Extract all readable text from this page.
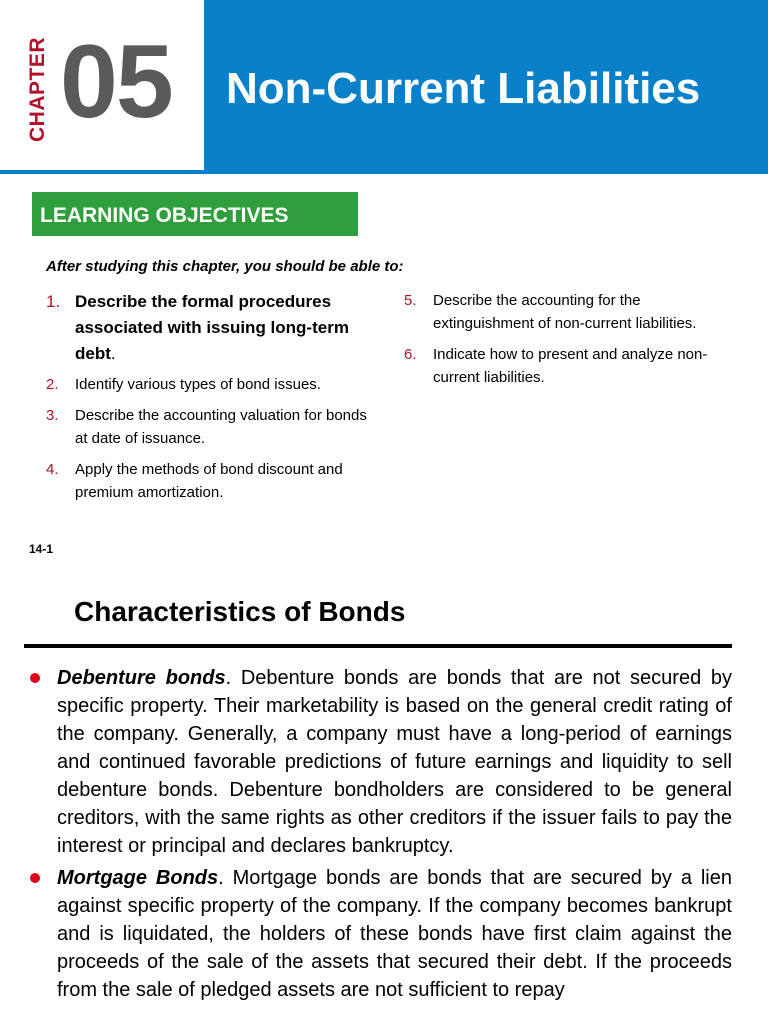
CHAPTER 05 Non-Current Liabilities
LEARNING OBJECTIVES
After studying this chapter, you should be able to:
1. Describe the formal procedures associated with issuing long-term debt.
2. Identify various types of bond issues.
3. Describe the accounting valuation for bonds at date of issuance.
4. Apply the methods of bond discount and premium amortization.
5. Describe the accounting for the extinguishment of non-current liabilities.
6. Indicate how to present and analyze non-current liabilities.
14-1
Characteristics of Bonds
Debenture bonds. Debenture bonds are bonds that are not secured by specific property. Their marketability is based on the general credit rating of the company. Generally, a company must have a long-period of earnings and continued favorable predictions of future earnings and liquidity to sell debenture bonds. Debenture bondholders are considered to be general creditors, with the same rights as other creditors if the issuer fails to pay the interest or principal and declares bankruptcy.
Mortgage Bonds. Mortgage bonds are bonds that are secured by a lien against specific property of the company. If the company becomes bankrupt and is liquidated, the holders of these bonds have first claim against the proceeds of the sale of the assets that secured their debt. If the proceeds from the sale of pledged assets are not sufficient to repay
